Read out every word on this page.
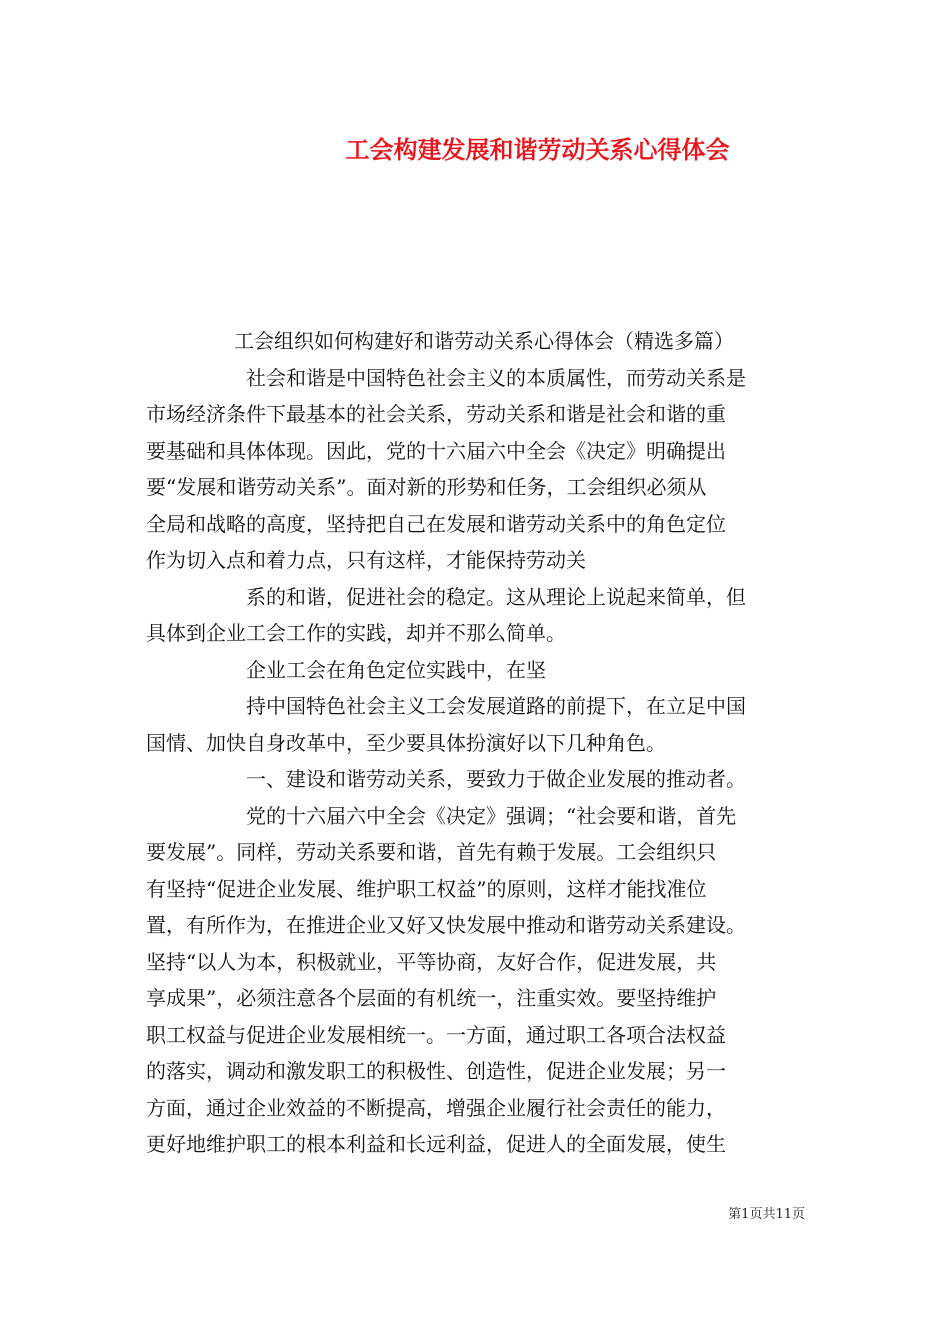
工会构建发展和谐劳动关系心得体会
工会组织如何构建好和谐劳动关系心得体会（精选多篇）
社会和谐是中国特色社会主义的本质属性，而劳动关系是
市场经济条件下最基本的社会关系，劳动关系和谐是社会和谐的重
要基础和具体体现。因此，党的十六届六中全会《决定》明确提出
要“发展和谐劳动关系”。面对新的形势和任务，工会组织必须从
全局和战略的高度，坚持把自己在发展和谐劳动关系中的角色定位
作为切入点和着力点，只有这样，才能保持劳动关
系的和谐，促进社会的稳定。这从理论上说起来简单，但
具体到企业工会工作的实践，却并不那么简单。
企业工会在角色定位实践中，在坚
持中国特色社会主义工会发展道路的前提下，在立足中国
国情、加快自身改革中，至少要具体扮演好以下几种角色。
一、建设和谐劳动关系，要致力于做企业发展的推动者。
党的十六届六中全会《决定》强调；“社会要和谐，首先
要发展”。同样，劳动关系要和谐，首先有赖于发展。工会组织只
有坚持“促进企业发展、维护职工权益”的原则，这样才能找准位
置，有所作为，在推进企业又好又快发展中推动和谐劳动关系建设。
坚持“以人为本，积极就业，平等协商，友好合作，促进发展，共
享成果”，必须注意各个层面的有机统一，注重实效。要坚持维护
职工权益与促进企业发展相统一。一方面，通过职工各项合法权益
的落实，调动和激发职工的积极性、创造性，促进企业发展；另一
方面，通过企业效益的不断提高，增强企业履行社会责任的能力，
更好地维护职工的根本利益和长远利益，促进人的全面发展，使生
第1页共11页
